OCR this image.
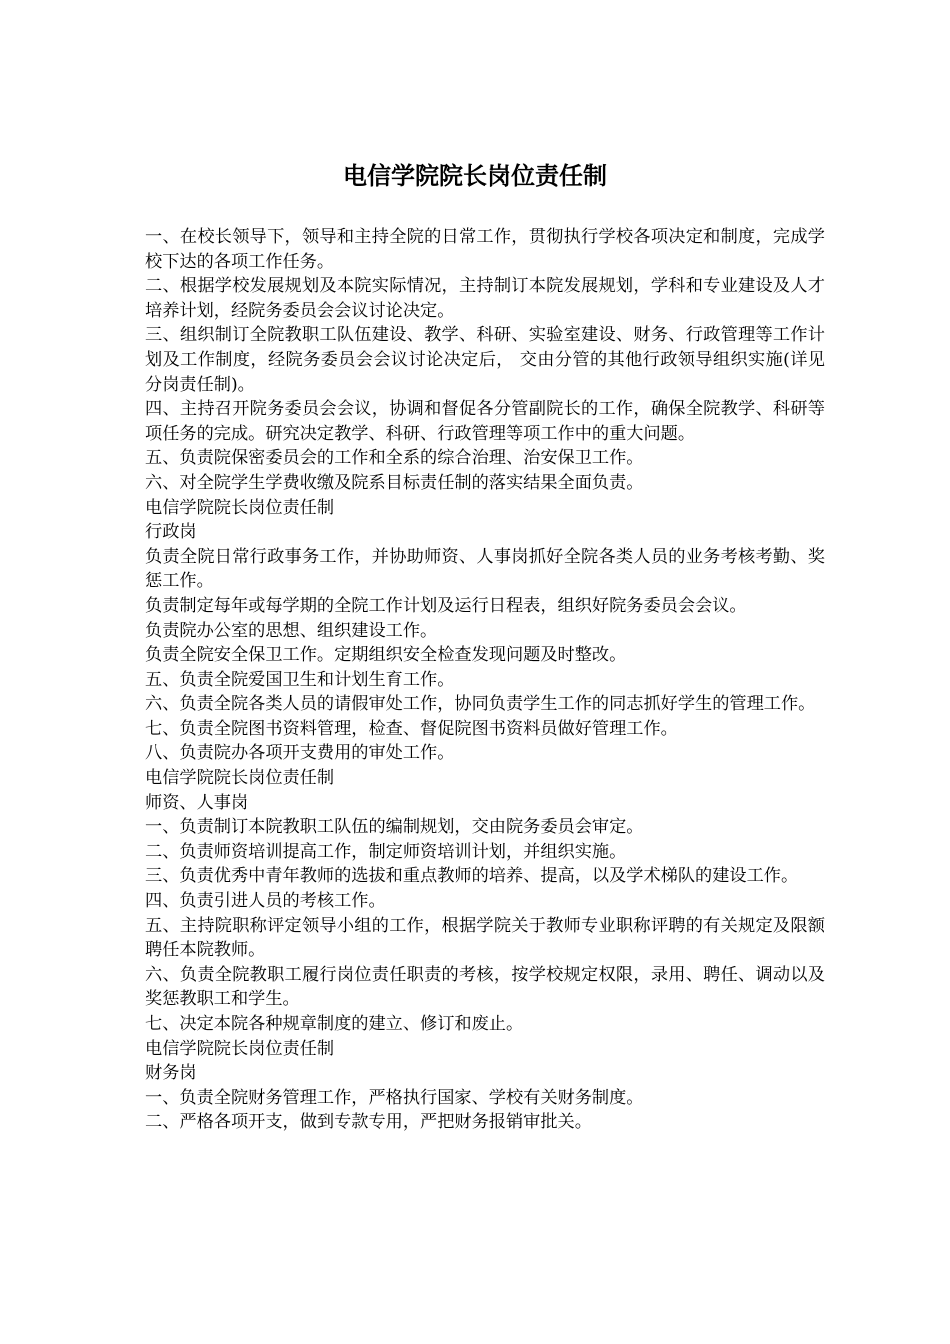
电信学院院长岗位责任制

一、在校长领导下，领导和主持全院的日常工作，贯彻执行学校各项决定和制度，完成学校下达的各项工作任务。

二、根据学校发展规划及本院实际情况，主持制订本院发展规划，学科和专业建设及人才培养计划，经院务委员会会议讨论决定。

三、组织制订全院教职工队伍建设、教学、科研、实验室建设、财务、行政管理等工作计划及工作制度，经院务委员会会议讨论决定后， 交由分管的其他行政领导组织实施(详见分岗责任制)。

四、主持召开院务委员会会议，协调和督促各分管副院长的工作，确保全院教学、科研等项任务的完成。研究决定教学、科研、行政管理等项工作中的重大问题。

五、负责院保密委员会的工作和全系的综合治理、治安保卫工作。

六、对全院学生学费收缴及院系目标责任制的落实结果全面负责。

电信学院院长岗位责任制

行政岗

负责全院日常行政事务工作，并协助师资、人事岗抓好全院各类人员的业务考核考勤、奖惩工作。

负责制定每年或每学期的全院工作计划及运行日程表，组织好院务委员会会议。

负责院办公室的思想、组织建设工作。

负责全院安全保卫工作。定期组织安全检查发现问题及时整改。

五、负责全院爱国卫生和计划生育工作。

六、负责全院各类人员的请假审处工作，协同负责学生工作的同志抓好学生的管理工作。

七、负责全院图书资料管理，检查、督促院图书资料员做好管理工作。

八、负责院办各项开支费用的审处工作。

电信学院院长岗位责任制

师资、人事岗

一、负责制订本院教职工队伍的编制规划，交由院务委员会审定。

二、负责师资培训提高工作，制定师资培训计划，并组织实施。

三、负责优秀中青年教师的选拔和重点教师的培养、提高，以及学术梯队的建设工作。

四、负责引进人员的考核工作。

五、主持院职称评定领导小组的工作，根据学院关于教师专业职称评聘的有关规定及限额聘任本院教师。

六、负责全院教职工履行岗位责任职责的考核，按学校规定权限，录用、聘任、调动以及奖惩教职工和学生。

七、决定本院各种规章制度的建立、修订和废止。

电信学院院长岗位责任制

财务岗

一、负责全院财务管理工作，严格执行国家、学校有关财务制度。

二、严格各项开支，做到专款专用，严把财务报销审批关。
